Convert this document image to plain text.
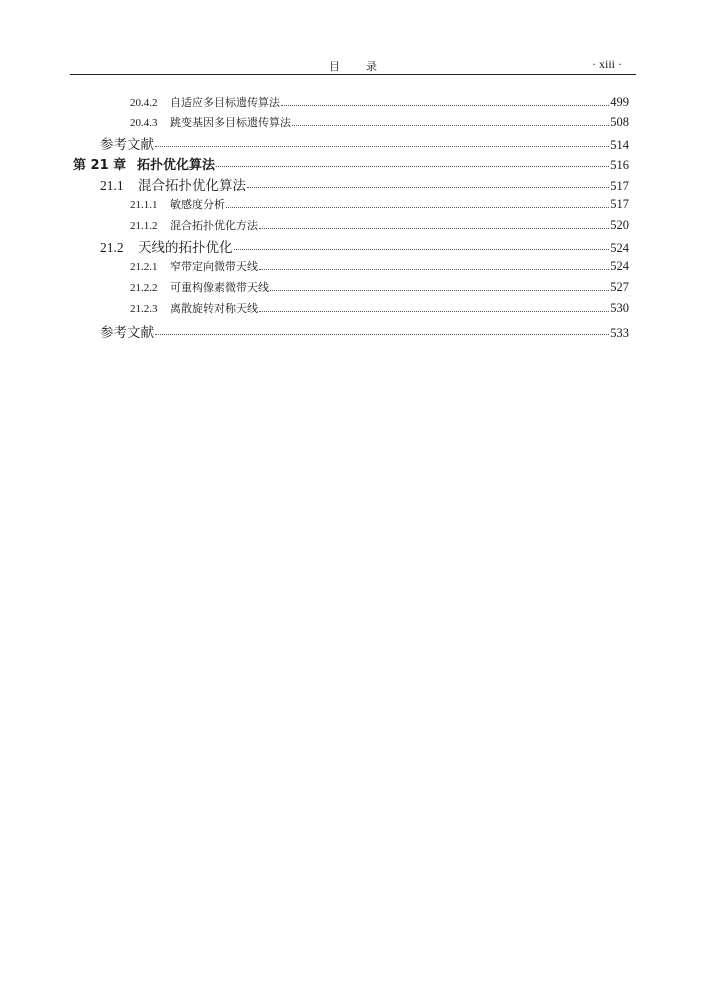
目录	· xiii ·
20.4.2	自适应多目标遗传算法	499
20.4.3	跳变基因多目标遗传算法	508
参考文献	514
第 21 章 拓扑优化算法	516
21.1	混合拓扑优化算法	517
21.1.1	敏感度分析	517
21.1.2	混合拓扑优化方法	520
21.2	天线的拓扑优化	524
21.2.1	窄带定向微带天线	524
21.2.2	可重构像素微带天线	527
21.2.3	离散旋转对称天线	530
参考文献	533
